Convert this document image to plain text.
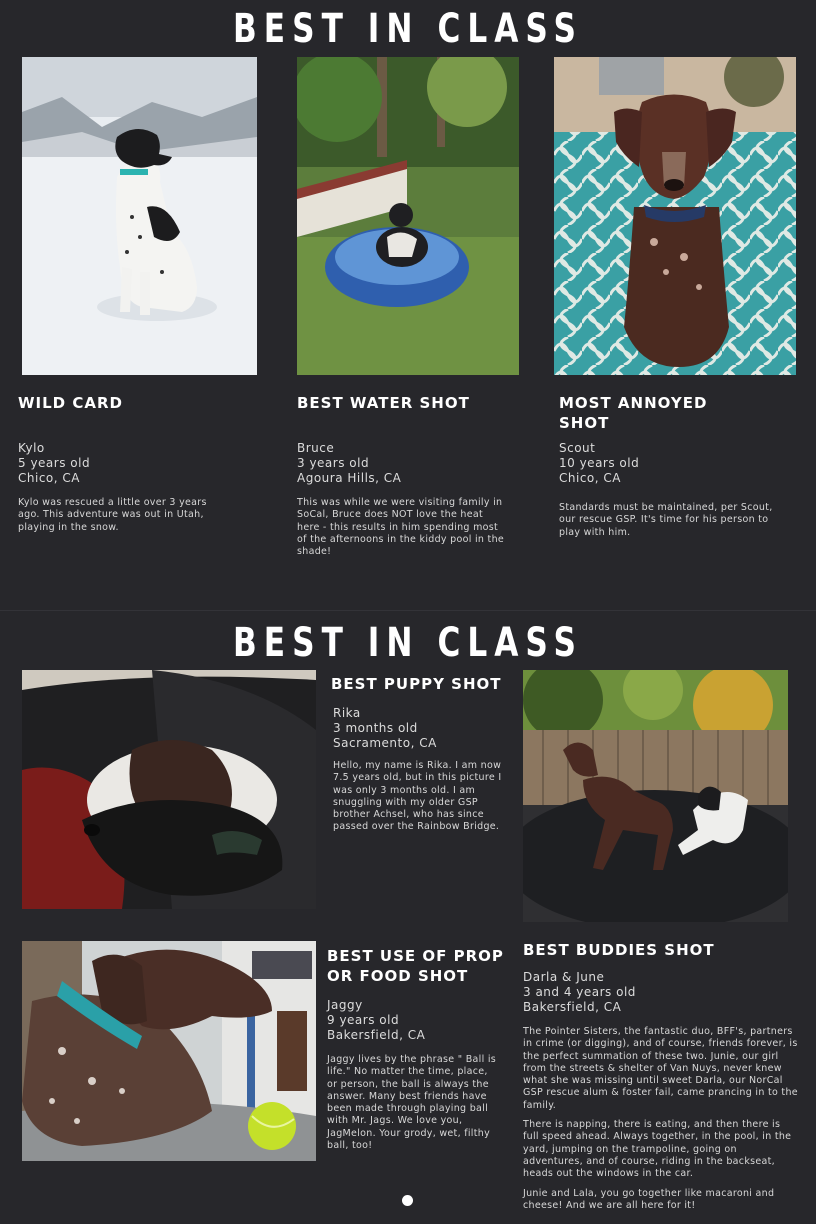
BEST IN CLASS
WILD CARD
Kylo
5 years old
Chico, CA
Kylo was rescued a little over 3 years ago. This adventure was out in Utah, playing in the snow.
BEST WATER SHOT
Bruce
3 years old
Agoura Hills, CA
This was while we were visiting family in SoCal, Bruce does NOT love the heat here - this results in him spending most of the afternoons in the kiddy pool in the shade!
MOST ANNOYED
SHOT
Scout
10 years old
Chico, CA
Standards must be maintained, per Scout, our rescue GSP. It's time for his person to play with him.
BEST IN CLASS
BEST PUPPY SHOT
Rika
3 months old
Sacramento, CA
Hello, my name is Rika. I am now 7.5 years old, but in this picture I was only 3 months old. I am snuggling with my older GSP brother Achsel, who has since passed over the Rainbow Bridge.
BEST USE OF PROP
OR FOOD SHOT
Jaggy
9 years old
Bakersfield, CA
Jaggy lives by the phrase " Ball is life." No matter the time, place, or person, the ball is always the answer. Many best friends have been made through playing ball with Mr. Jags. We love you, JagMelon. Your grody, wet, filthy ball, too!
BEST BUDDIES SHOT
Darla & June
3 and 4 years old
Bakersfield, CA

The Pointer Sisters, the fantastic duo, BFF's, partners in crime (or digging), and of course, friends forever, is the perfect summation of these two. Junie, our girl from the streets & shelter of Van Nuys, never knew what she was missing until sweet Darla, our NorCal GSP rescue alum & foster fail, came prancing in to the family.

There is napping, there is eating, and then there is full speed ahead. Always together, in the pool, in the yard, jumping on the trampoline, going on adventures, and of course, riding in the backseat, heads out the windows in the car.

Junie and Lala, you go together like macaroni and cheese! And we are all here for it!
